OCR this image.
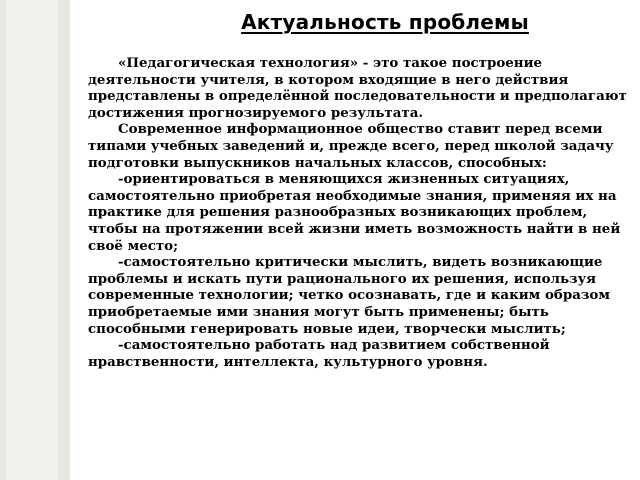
Актуальность проблемы

«Педагогическая технология» - это такое построение деятельности учителя, в котором входящие в него действия представлены в определённой последовательности и предполагают достижения прогнозируемого результата.

Современное информационное общество ставит перед всеми типами учебных заведений и, прежде всего, перед школой задачу подготовки выпускников начальных классов, способных:

-ориентироваться в меняющихся жизненных ситуациях, самостоятельно приобретая необходимые знания, применяя их на практике для решения разнообразных возникающих проблем, чтобы на протяжении всей жизни иметь возможность найти в ней своё место;

-самостоятельно критически мыслить, видеть возникающие проблемы и искать пути рационального их решения, используя современные технологии; четко осознавать, где и каким образом приобретаемые ими знания могут быть применены; быть способными генерировать новые идеи, творчески мыслить;

-самостоятельно работать над развитием собственной нравственности, интеллекта, культурного уровня.
